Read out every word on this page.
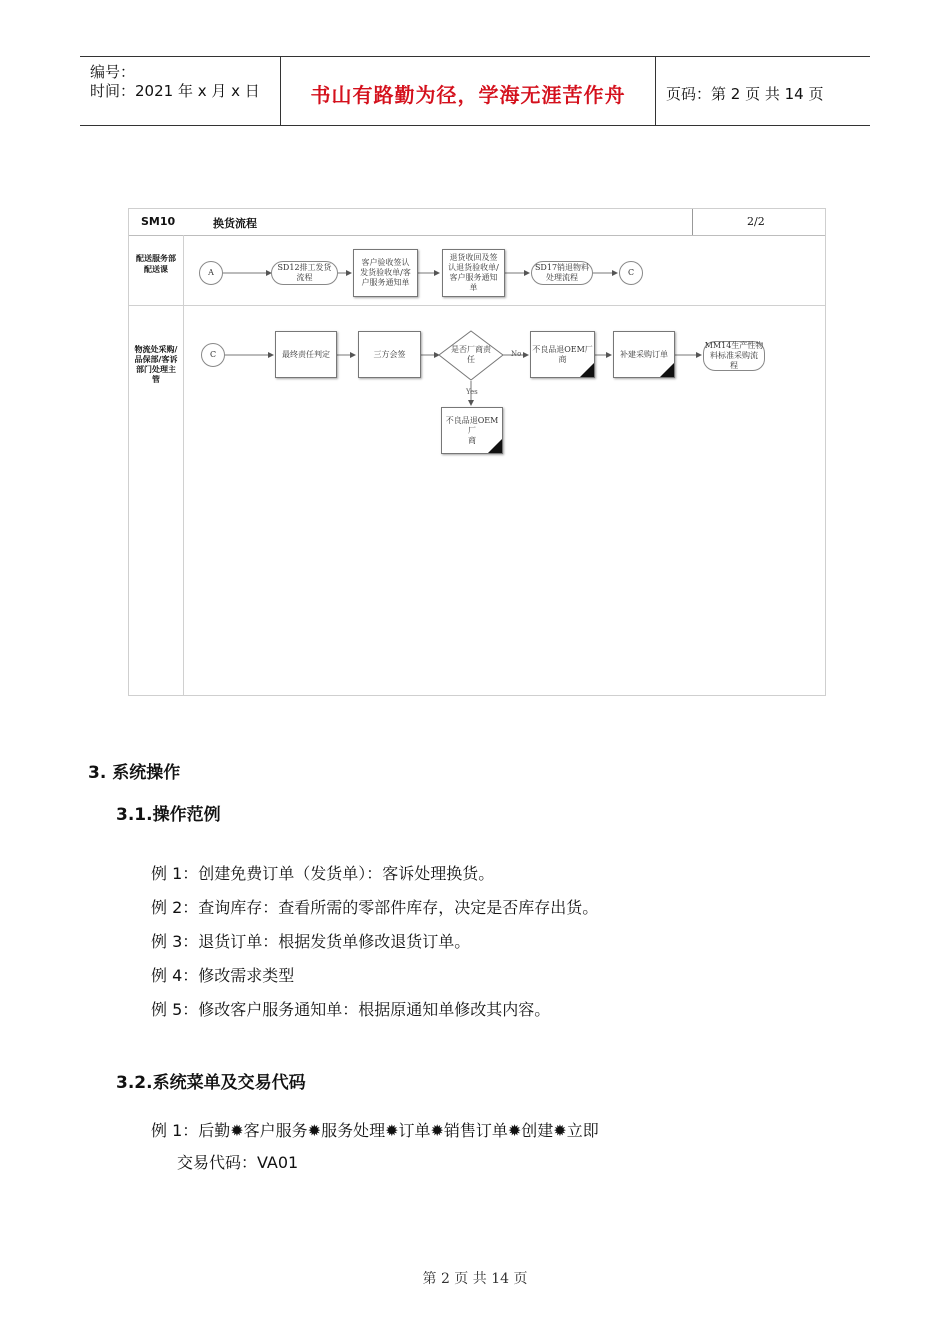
编号：
时间：2021 年 x 月 x 日	书山有路勤为径，学海无涯苦作舟	页码：第 2 页 共 14 页
SM10	换货流程	2/2
配送服务部
配送课
物流处采购/
品保部/客诉
部门处理主
管
A
SD12排工发货
流程
客户验收签认
发货验收单/客
户服务通知单
退货收回及签
认退货验收单/
客户服务通知
单
SD17销退物料
处理流程
C
C	最终责任判定	三方会签	是否厂商责
任
不良品退OEM厂
商
补建采购订单
MM14生产性物
料标准采购流
程
不良品退OEM厂
商
No
Yes
3. 系统操作
3.1.操作范例
例 1：创建免费订单（发货单）：客诉处理换货。
例 2：查询库存：查看所需的零部件库存，决定是否库存出货。
例 3：退货订单：根据发货单修改退货订单。
例 4：修改需求类型
例 5：修改客户服务通知单：根据原通知单修改其内容。
3.2.系统菜单及交易代码
例 1：后勤✹客户服务✹服务处理✹订单✹销售订单✹创建✹立即
交易代码：VA01
第 2 页 共 14 页
